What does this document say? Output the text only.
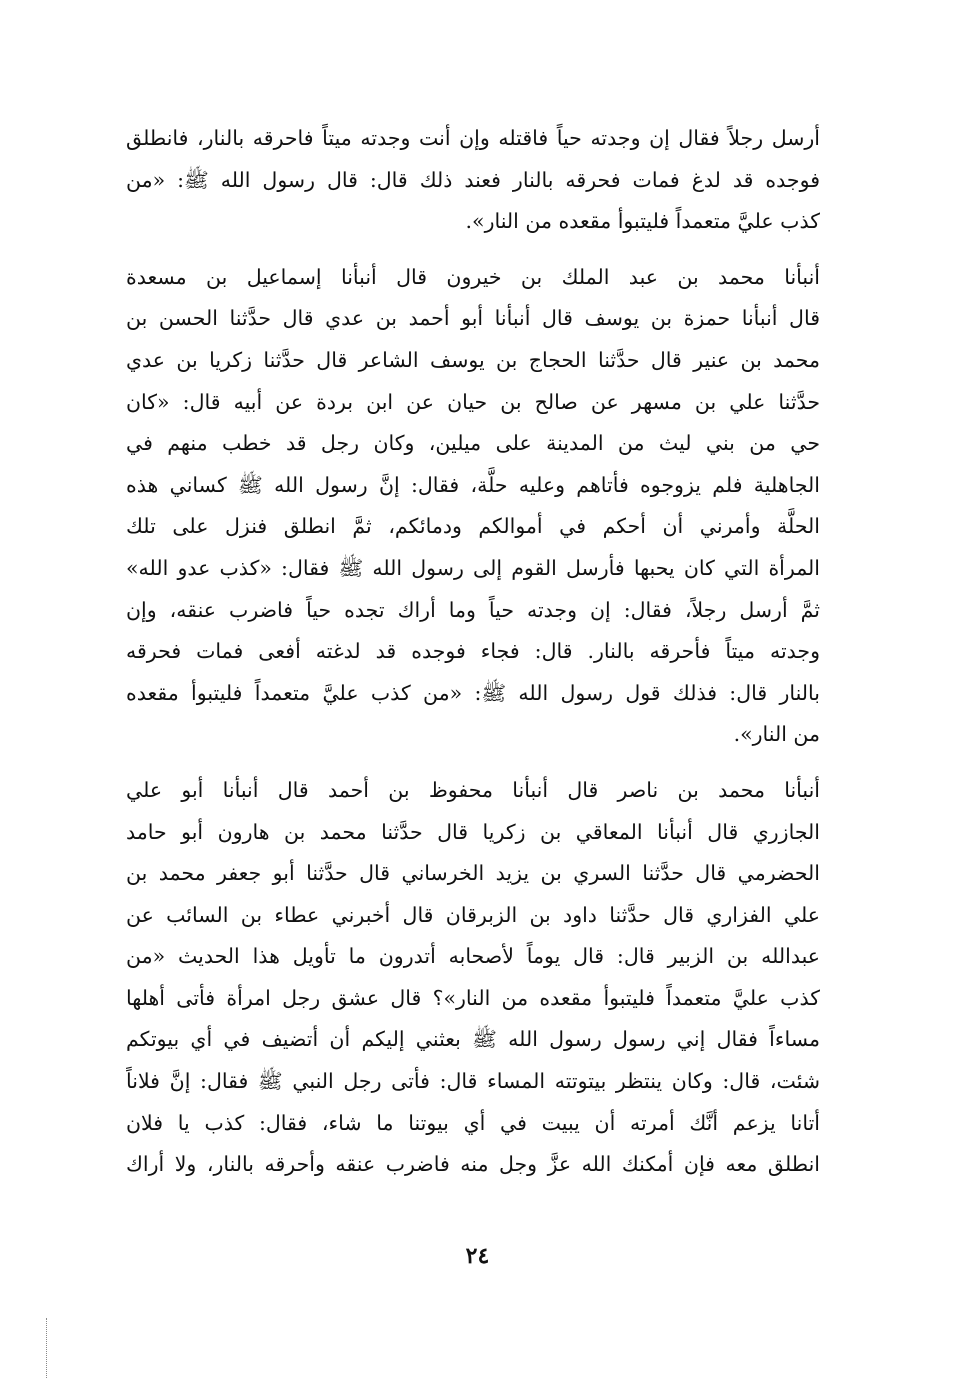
أرسل رجلاً فقال إن وجدته حياً فاقتله وإن أنت وجدته ميتاً فاحرقه بالنار، فانطلق
فوجده قد لدغ فمات فحرقه بالنار فعند ذلك قال: قال رسول الله ﷺ: «من
كذب عليَّ متعمداً فليتبوأ مقعده من النار».
أنبأنا محمد بن عبد الملك بن خيرون قال أنبأنا إسماعيل بن مسعدة
قال أنبأنا حمزة بن يوسف قال أنبأنا أبو أحمد بن عدي قال حدَّثنا الحسن بن
محمد بن عنير قال حدَّثنا الحجاج بن يوسف الشاعر قال حدَّثنا زكريا بن عدي
حدَّثنا علي بن مسهر عن صالح بن حيان عن ابن بردة عن أبيه قال: «كان
حي من بني ليث من المدينة على ميلين، وكان رجل قد خطب منهم في
الجاهلية فلم يزوجوه فأتاهم وعليه حلَّة، فقال: إنَّ رسول الله ﷺ كساني هذه
الحلَّة وأمرني أن أحكم في أموالكم ودمائكم، ثمَّ انطلق فنزل على تلك
المرأة التي كان يحبها فأرسل القوم إلى رسول الله ﷺ فقال: «كذب عدو الله»
ثمَّ أرسل رجلاً، فقال: إن وجدته حياً وما أراك تجده حياً فاضرب عنقه، وإن
وجدته ميتاً فأحرقه بالنار. قال: فجاء فوجده قد لدغته أفعى فمات فحرقه
بالنار قال: فذلك قول رسول الله ﷺ: «من كذب عليَّ متعمداً فليتبوأ مقعده
من النار».
أنبأنا محمد بن ناصر قال أنبأنا محفوظ بن أحمد قال أنبأنا أبو علي
الجازري قال أنبأنا المعاقي بن زكريا قال حدَّثنا محمد بن هارون أبو حامد
الحضرمي قال حدَّثنا السري بن يزيد الخرساني قال حدَّثنا أبو جعفر محمد بن
علي الفزاري قال حدَّثنا داود بن الزبرقان قال أخبرني عطاء بن السائب عن
عبدالله بن الزبير قال: قال يوماً لأصحابه أتدرون ما تأويل هذا الحديث «من
كذب عليَّ متعمداً فليتبوأ مقعده من النار»؟ قال عشق رجل امرأة فأتى أهلها
مساءاً فقال إني رسول رسول الله ﷺ بعثني إليكم أن أتضيف في أي بيوتكم
شئت، قال: وكان ينتظر بيتوتته المساء قال: فأتى رجل النبي ﷺ فقال: إنَّ فلاناً
أتانا يزعم أنَّك أمرته أن يبيت في أي بيوتنا ما شاء، فقال: كذب يا فلان
انطلق معه فإن أمكنك الله عزَّ وجل منه فاضرب عنقه وأحرقه بالنار، ولا أراك
٢٤
